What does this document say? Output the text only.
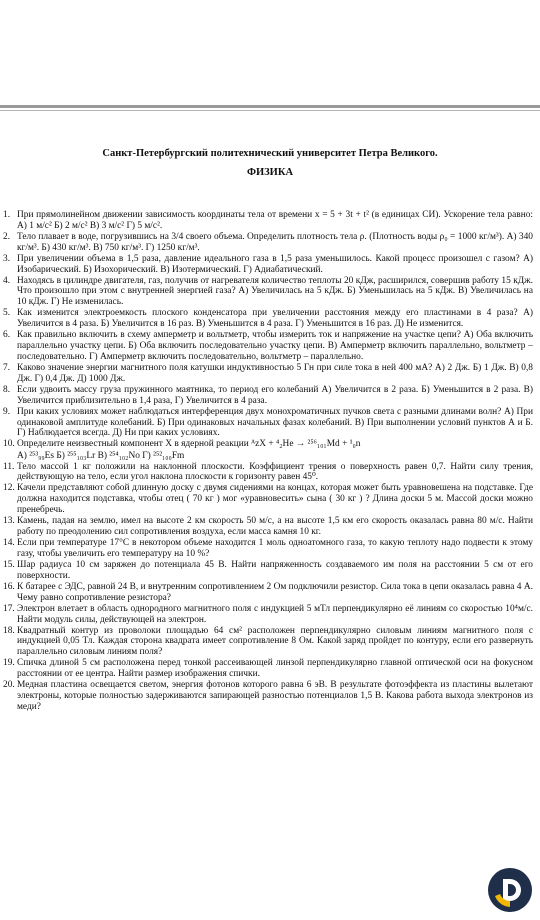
Санкт-Петербургский политехнический университет Петра Великого.
ФИЗИКА
1. При прямолинейном движении зависимость координаты тела от времени x = 5 + 3t + t² (в единицах СИ). Ускорение тела равно: А) 1 м/с² Б) 2 м/с² В) 3 м/с² Г) 5 м/с².
2. Тело плавает в воде, погрузившись на 3/4 своего объема. Определить плотность тела ρ. (Плотность воды ρ₀ = 1000 кг/м³). А) 340 кг/м³. Б) 430 кг/м³. В) 750 кг/м³. Г) 1250 кг/м³.
3. При увеличении объема в 1,5 раза, давление идеального газа в 1,5 раза уменьшилось. Какой процесс произошел с газом? А) Изобарический. Б) Изохорический. В) Изотермический. Г) Адиабатический.
4. Находясь в цилиндре двигателя, газ, получив от нагревателя количество теплоты 20 кДж, расширился, совершив работу 15 кДж. Что произошло при этом с внутренней энергией газа? А) Увеличилась на 5 кДж. Б) Уменьшилась на 5 кДж. В) Увеличилась на 10 кДж. Г) Не изменилась.
5. Как изменится электроемкость плоского конденсатора при увеличении расстояния между его пластинами в 4 раза? А) Увеличится в 4 раза. Б) Увеличится в 16 раз. В) Уменьшится в 4 раза. Г) Уменьшится в 16 раз. Д) Не изменится.
6. Как правильно включить в схему амперметр и вольтметр, чтобы измерить ток и напряжение на участке цепи? А) Оба включить параллельно участку цепи. Б) Оба включить последовательно участку цепи. В) Амперметр включить параллельно, вольтметр – последовательно. Г) Амперметр включить последовательно, вольтметр – параллельно.
7. Каково значение энергии магнитного поля катушки индуктивностью 5 Гн при силе тока в ней 400 мА? А) 2 Дж. Б) 1 Дж. В) 0,8 Дж. Г) 0,4 Дж. Д) 1000 Дж.
8. Если удвоить массу груза пружинного маятника, то период его колебаний А) Увеличится в 2 раза. Б) Уменьшится в 2 раза. В) Увеличится приблизительно в 1,4 раза, Г) Увеличится в 4 раза.
9. При каких условиях может наблюдаться интерференция двух монохроматичных пучков света с разными длинами волн? А) При одинаковой амплитуде колебаний. Б) При одинаковых начальных фазах колебаний. В) При выполнении условий пунктов А и Б. Г) Наблюдается всегда. Д) Ни при каких условиях.
10. Определите неизвестный компонент X в ядерной реакции ᴬzX + ⁴₂He → ²⁵⁶₁₀₁Md + ¹₀n
А) ²⁵³₉₉Es Б) ²⁵⁵₁₀₃Lr В) ²⁵⁴₁₀₂No Г) ²⁵²₁₀₀Fm
11. Тело массой 1 кг положили на наклонной плоскости. Коэффициент трения о поверхность равен 0,7. Найти силу трения, действующую на тело, если угол наклона плоскости к горизонту равен 45⁰.
12. Качели представляют собой длинную доску с двумя сидениями на концах, которая может быть уравновешена на подставке. Где должна находится подставка, чтобы отец ( 70 кг ) мог «уравновесить» сына ( 30 кг ) ? Длина доски 5 м. Массой доски можно пренебречь.
13. Камень, падая на землю, имел на высоте 2 км скорость 50 м/с, а на высоте 1,5 км его скорость оказалась равна 80 м/с. Найти работу по преодолению сил сопротивления воздуха, если масса камня 10 кг.
14. Если при температуре 17°С в некотором объеме находится 1 моль одноатомного газа, то какую теплоту надо подвести к этому газу, чтобы увеличить его температуру на 10 %?
15. Шар радиуса 10 см заряжен до потенциала 45 В. Найти напряженность создаваемого им поля на расстоянии 5 см от его поверхности.
16. К батарее с ЭДС, равной 24 В, и внутренним сопротивлением 2 Ом подключили резистор. Сила тока в цепи оказалась равна 4 А. Чему равно сопротивление резистора?
17. Электрон влетает в область однородного магнитного поля с индукцией 5 мТл перпендикулярно её линиям со скоростью 10⁴м/с. Найти модуль силы, действующей на электрон.
18. Квадратный контур из проволоки площадью 64 см² расположен перпендикулярно силовым линиям магнитного поля с индукцией 0,05 Тл. Каждая сторона квадрата имеет сопротивление 8 Ом. Какой заряд пройдет по контуру, если его развернуть параллельно силовым линиям поля?
19. Спичка длиной 5 см расположена перед тонкой рассеивающей линзой перпендикулярно главной оптической оси на фокусном расстоянии от ее центра. Найти размер изображения спички.
20. Медная пластина освещается светом, энергия фотонов которого равна 6 эВ. В результате фотоэффекта из пластины вылетают электроны, которые полностью задерживаются запирающей разностью потенциалов 1,5 В. Какова работа выхода электронов из меди?
